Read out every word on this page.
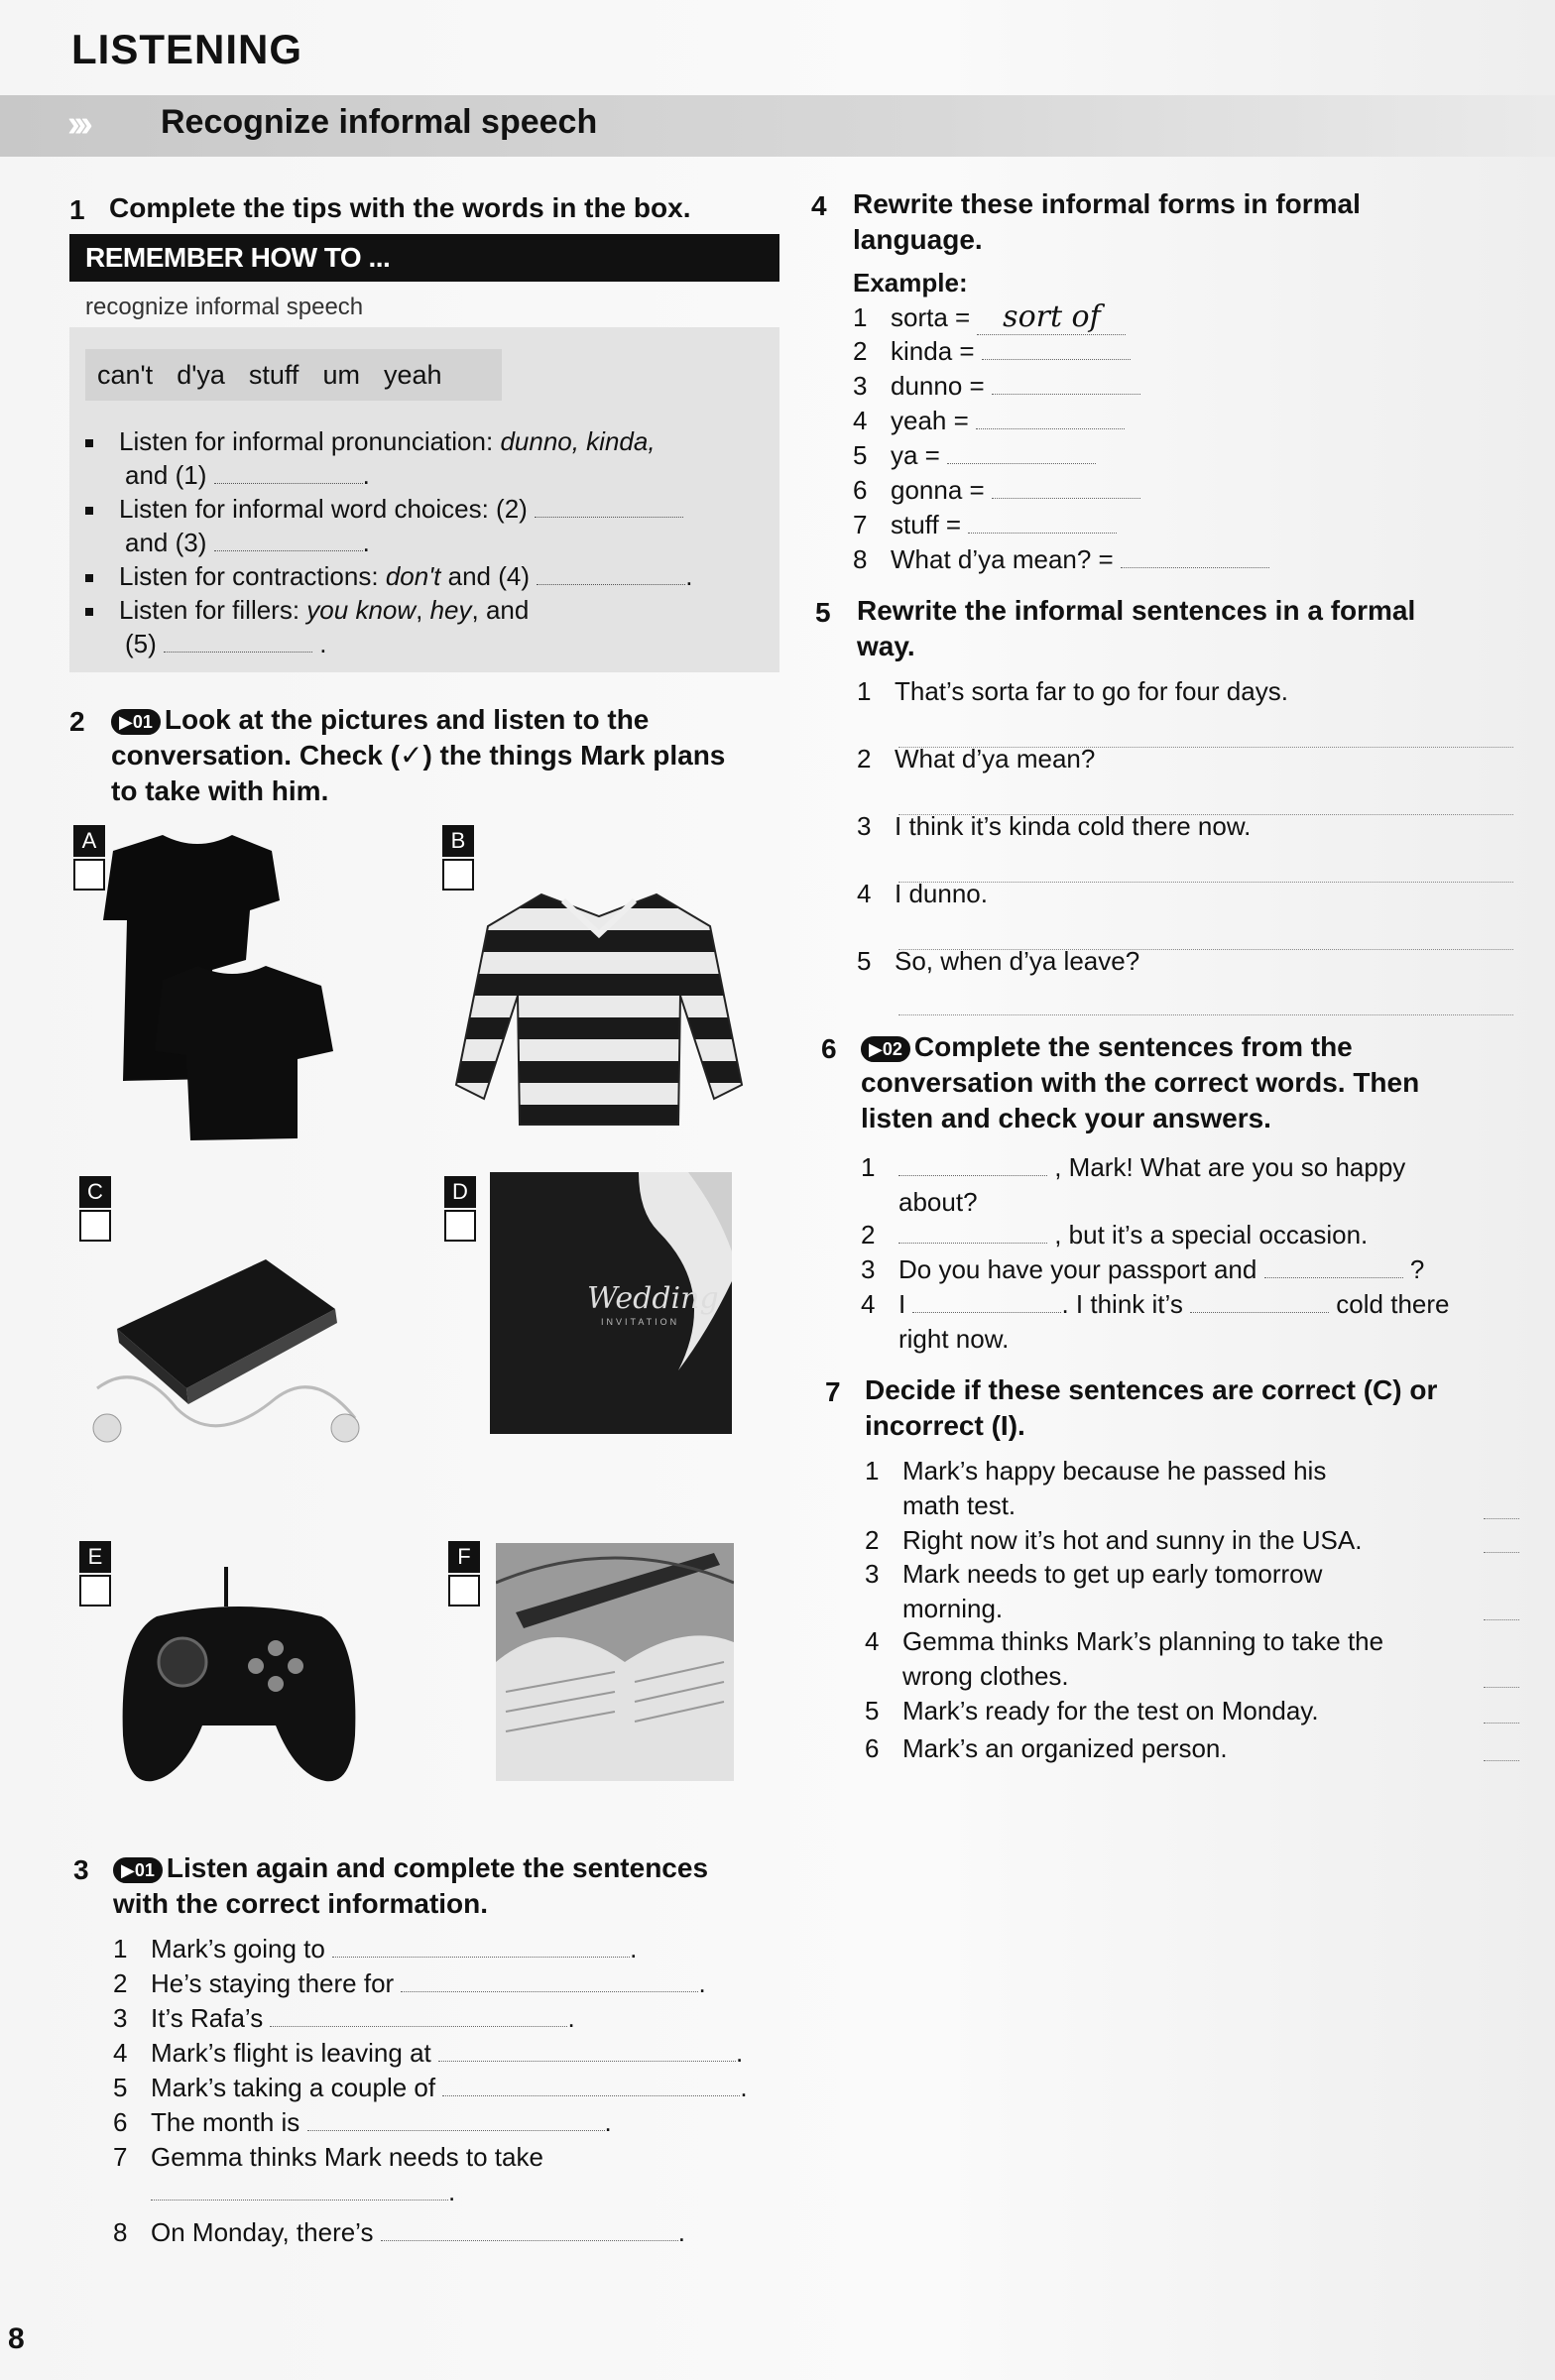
LISTENING
››› Recognize informal speech
1 Complete the tips with the words in the box.
REMEMBER HOW TO ...
recognize informal speech
can't d'ya stuff um yeah
Listen for informal pronunciation: dunno, kinda,
and (1)	.
Listen for informal word choices: (2)
and (3)	.
Listen for contractions: don't and (4)	.
Listen for fillers: you know, hey, and
(5)	.
2	▶01 Look at the pictures and listen to the
conversation. Check (✓) the things Mark plans
to take with him.
A	B
C	D
Wedding
INVITATION
E	F
3	▶01 Listen again and complete the sentences
with the correct information.
1 Mark’s going to	.
2 He’s staying there for	.
3 It’s Rafa’s	.
4 Mark’s flight is leaving at	.
5 Mark’s taking a couple of	.
6 The month is	.
7 Gemma thinks Mark needs to take
.
8 On Monday, there’s	.
4 Rewrite these informal forms in formal
language.
Example:
1 sorta = sort of
2 kinda =
3 dunno =
4 yeah =
5 ya =
6 gonna =
7 stuff =
8 What d’ya mean? =
5 Rewrite the informal sentences in a formal
way.
1 That’s sorta far to go for four days.
2 What d’ya mean?
3 I think it’s kinda cold there now.
4 I dunno.
5 So, when d’ya leave?
6	▶02 Complete the sentences from the
conversation with the correct words. Then
listen and check your answers.
1	, Mark! What are you so happy
about?
2	, but it’s a special occasion.
3 Do you have your passport and	?
4 I	. I think it’s	cold there
right now.
7 Decide if these sentences are correct (C) or
incorrect (I).
1 Mark’s happy because he passed his
math test.
2 Right now it’s hot and sunny in the USA.
3 Mark needs to get up early tomorrow
morning.
4 Gemma thinks Mark’s planning to take the
wrong clothes.
5 Mark’s ready for the test on Monday.
6 Mark’s an organized person.
8
